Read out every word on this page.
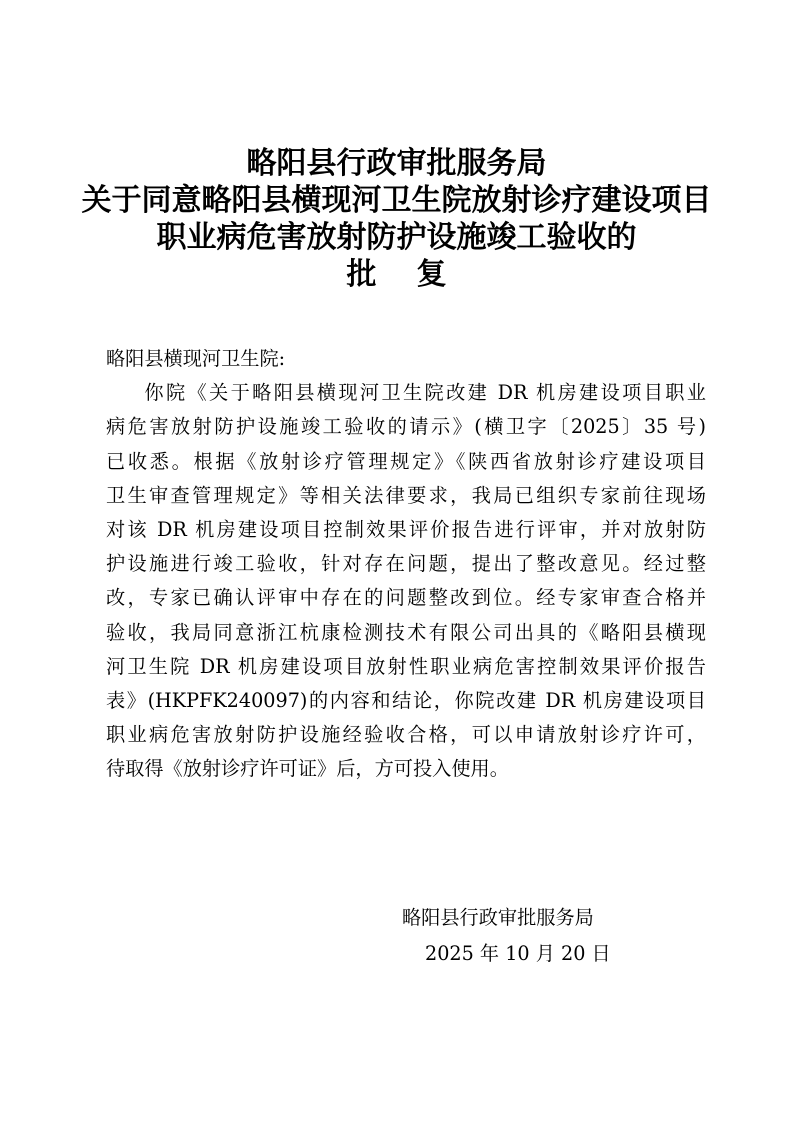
略阳县行政审批服务局
关于同意略阳县横现河卫生院放射诊疗建设项目
职业病危害放射防护设施竣工验收的
批复

略阳县横现河卫生院:

你院《关于略阳县横现河卫生院改建 DR 机房建设项目职业

病危害放射防护设施竣工验收的请示》(横卫字〔2025〕35 号)

已收悉。根据《放射诊疗管理规定》《陕西省放射诊疗建设项目

卫生审查管理规定》等相关法律要求，我局已组织专家前往现场

对该 DR 机房建设项目控制效果评价报告进行评审，并对放射防

护设施进行竣工验收，针对存在问题，提出了整改意见。经过整

改，专家已确认评审中存在的问题整改到位。经专家审查合格并

验收，我局同意浙江杭康检测技术有限公司出具的《略阳县横现

河卫生院 DR 机房建设项目放射性职业病危害控制效果评价报告

表》(HKPFK240097)的内容和结论，你院改建 DR 机房建设项目

职业病危害放射防护设施经验收合格，可以申请放射诊疗许可，

待取得《放射诊疗许可证》后，方可投入使用。

略阳县行政审批服务局
2025 年 10 月 20 日
